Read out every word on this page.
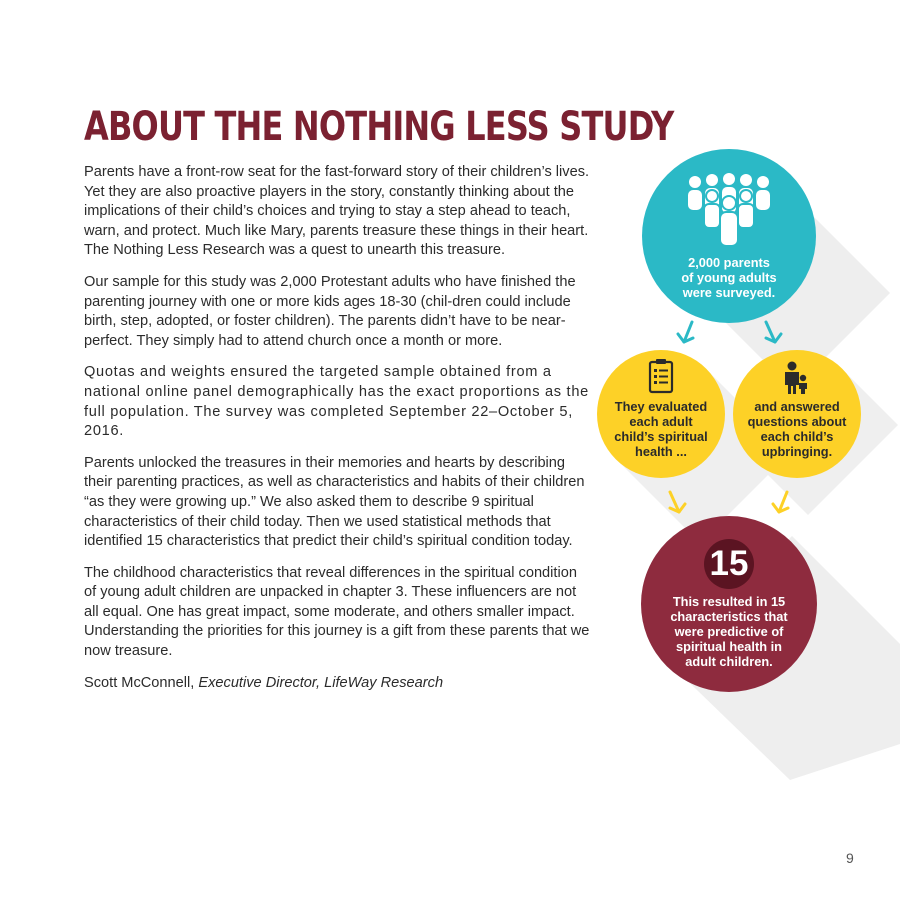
ABOUT THE NOTHING LESS STUDY

Parents have a front-row seat for the fast-forward story of their children’s lives. Yet they are also proactive players in the story, constantly thinking about the implications of their child’s choices and trying to stay a step ahead to teach, warn, and protect. Much like Mary, parents treasure these things in their heart. The Nothing Less Research was a quest to unearth this treasure.

Our sample for this study was 2,000 Protestant adults who have finished the parenting journey with one or more kids ages 18-30 (chil-dren could include birth, step, adopted, or foster children). The parents didn’t have to be near-perfect. They simply had to attend church once a month or more.

Quotas and weights ensured the targeted sample obtained from a national online panel demographically has the exact proportions as the full population. The survey was completed September 22–October 5, 2016.

Parents unlocked the treasures in their memories and hearts by describing their parenting practices, as well as characteristics and habits of their children “as they were growing up.” We also asked them to describe 9 spiritual characteristics of their child today. Then we used statistical methods that identified 15 characteristics that predict their child’s spiritual condition today.

The childhood characteristics that reveal differences in the spiritual condition of young adult children are unpacked in chapter 3. These influencers are not all equal. One has great impact, some moderate, and others smaller impact. Understanding the priorities for this journey is a gift from these parents that we now treasure.

Scott McConnell, Executive Director, LifeWay Research

2,000 parents
of young adults
were surveyed.
They evaluated
each adult
child’s spiritual
health ...
and answered
questions about
each child’s
upbringing.
15
This resulted in 15
characteristics that
were predictive of
spiritual health in
adult children.
9
